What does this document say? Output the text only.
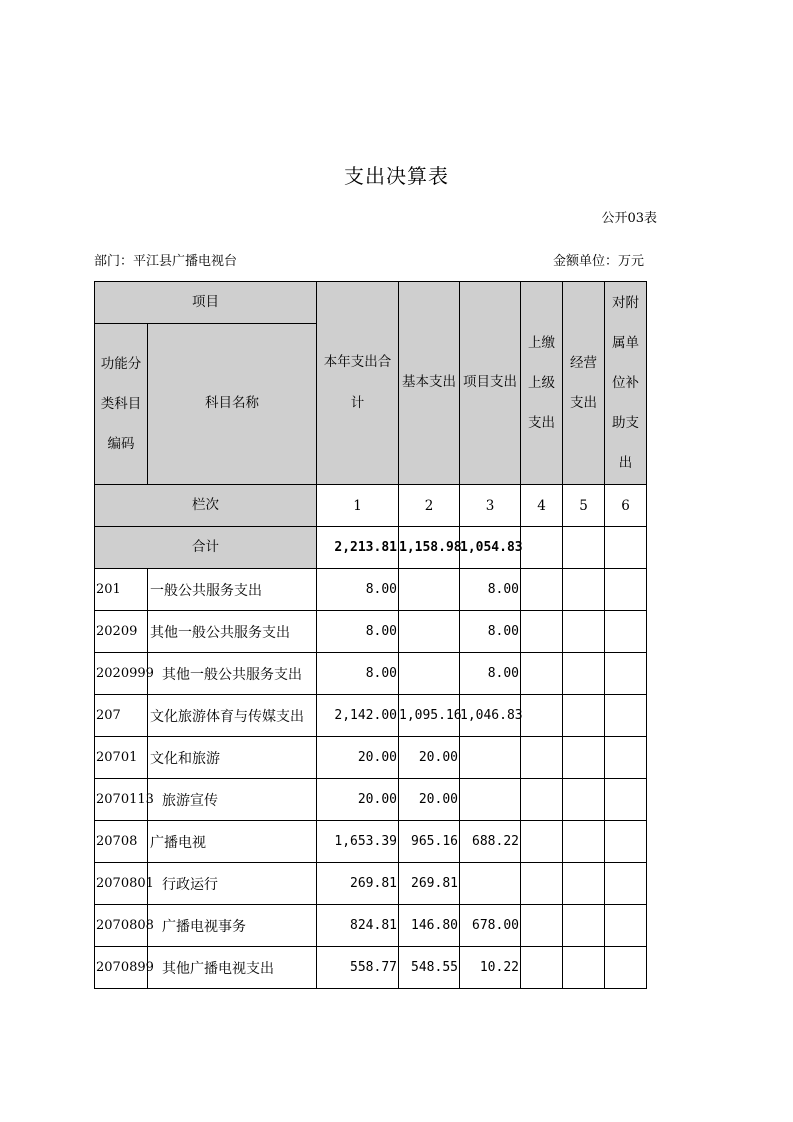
支出决算表
公开03表
部门：平江县广播电视台	金额单位：万元
项目		本年支出合计	基本支出	项目支出	上缴上级支出	经营支出	对附属单位补助支出

功能分类科目编码	科目名称						
栏次		1	2	3	4	5	6
合计		2,213.81	1,158.98	1,054.83			
201	一般公共服务支出	8.00		8.00			
20209	其他一般公共服务支出	8.00		8.00			
2020999	其他一般公共服务支出	8.00		8.00			
207	文化旅游体育与传媒支出	2,142.00	1,095.16	1,046.83			
20701	文化和旅游	20.00	20.00				
2070113	旅游宣传	20.00	20.00				
20708	广播电视	1,653.39	965.16	688.22			
2070801	行政运行	269.81	269.81				
2070808	广播电视事务	824.81	146.80	678.00			
2070899	其他广播电视支出	558.77	548.55	10.22			
